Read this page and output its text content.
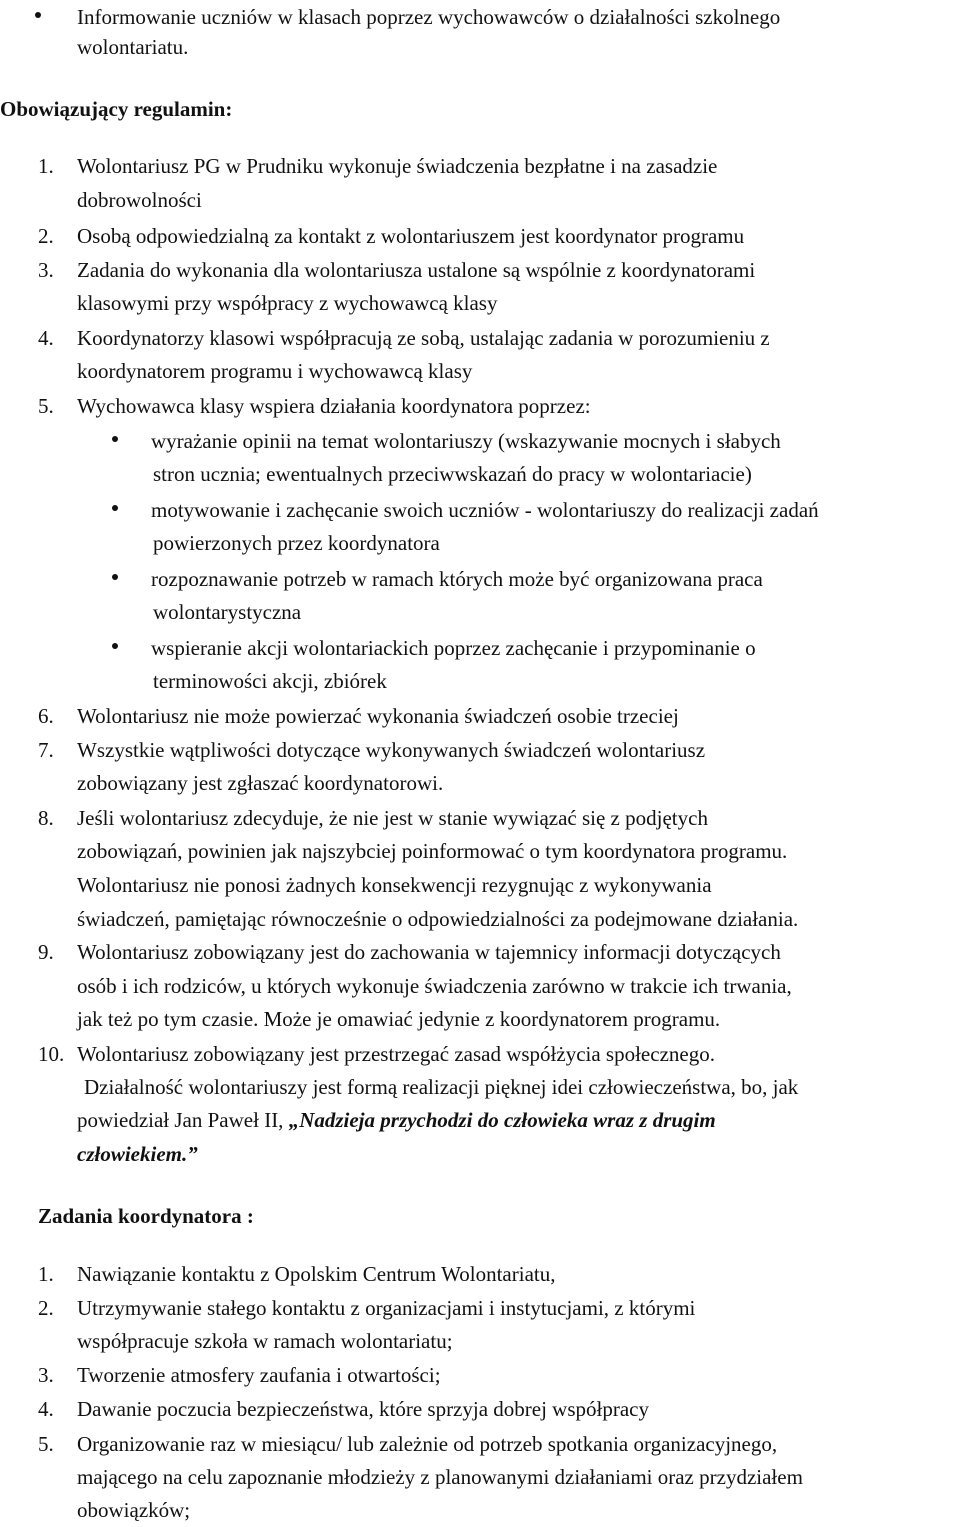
Informowanie uczniów w klasach poprzez wychowawców o działalności szkolnego
wolontariatu.
Obowiązujący regulamin:
1. Wolontariusz PG w Prudniku wykonuje świadczenia bezpłatne i na zasadzie
dobrowolności
2. Osobą odpowiedzialną za kontakt z wolontariuszem jest koordynator programu
3. Zadania do wykonania dla wolontariusza ustalone są wspólnie z koordynatorami
klasowymi przy współpracy z wychowawcą klasy
4. Koordynatorzy klasowi współpracują ze sobą, ustalając zadania w porozumieniu z
koordynatorem programu i wychowawcą klasy
5. Wychowawca klasy wspiera działania koordynatora poprzez:
wyrażanie opinii na temat wolontariuszy (wskazywanie mocnych i słabych
stron ucznia; ewentualnych przeciwwskazań do pracy w wolontariacie)
motywowanie i zachęcanie swoich uczniów - wolontariuszy do realizacji zadań
powierzonych przez koordynatora
rozpoznawanie potrzeb w ramach których może być organizowana praca
wolontarystyczna
wspieranie akcji wolontariackich poprzez zachęcanie i przypominanie o
terminowości akcji, zbiórek
6. Wolontariusz nie może powierzać wykonania świadczeń osobie trzeciej
7. Wszystkie wątpliwości dotyczące wykonywanych świadczeń wolontariusz
zobowiązany jest zgłaszać koordynatorowi.
8. Jeśli wolontariusz zdecyduje, że nie jest w stanie wywiązać się z podjętych
zobowiązań, powinien jak najszybciej poinformować o tym koordynatora programu.
Wolontariusz nie ponosi żadnych konsekwencji rezygnując z wykonywania
świadczeń, pamiętając równocześnie o odpowiedzialności za podejmowane działania.
9. Wolontariusz zobowiązany jest do zachowania w tajemnicy informacji dotyczących
osób i ich rodziców, u których wykonuje świadczenia zarówno w trakcie ich trwania,
jak też po tym czasie. Może je omawiać jedynie z koordynatorem programu.
10. Wolontariusz zobowiązany jest przestrzegać zasad współżycia społecznego.
Działalność wolontariuszy jest formą realizacji pięknej idei człowieczeństwa, bo, jak
powiedział Jan Paweł II, „Nadzieja przychodzi do człowieka wraz z drugim
człowiekiem.”
Zadania koordynatora :
1. Nawiązanie kontaktu z Opolskim Centrum Wolontariatu,
2. Utrzymywanie stałego kontaktu z organizacjami i instytucjami, z którymi
współpracuje szkoła w ramach wolontariatu;
3. Tworzenie atmosfery zaufania i otwartości;
4. Dawanie poczucia bezpieczeństwa, które sprzyja dobrej współpracy
5. Organizowanie raz w miesiącu/ lub zależnie od potrzeb spotkania organizacyjnego,
mającego na celu zapoznanie młodzieży z planowanymi działaniami oraz przydziałem
obowiązków;
